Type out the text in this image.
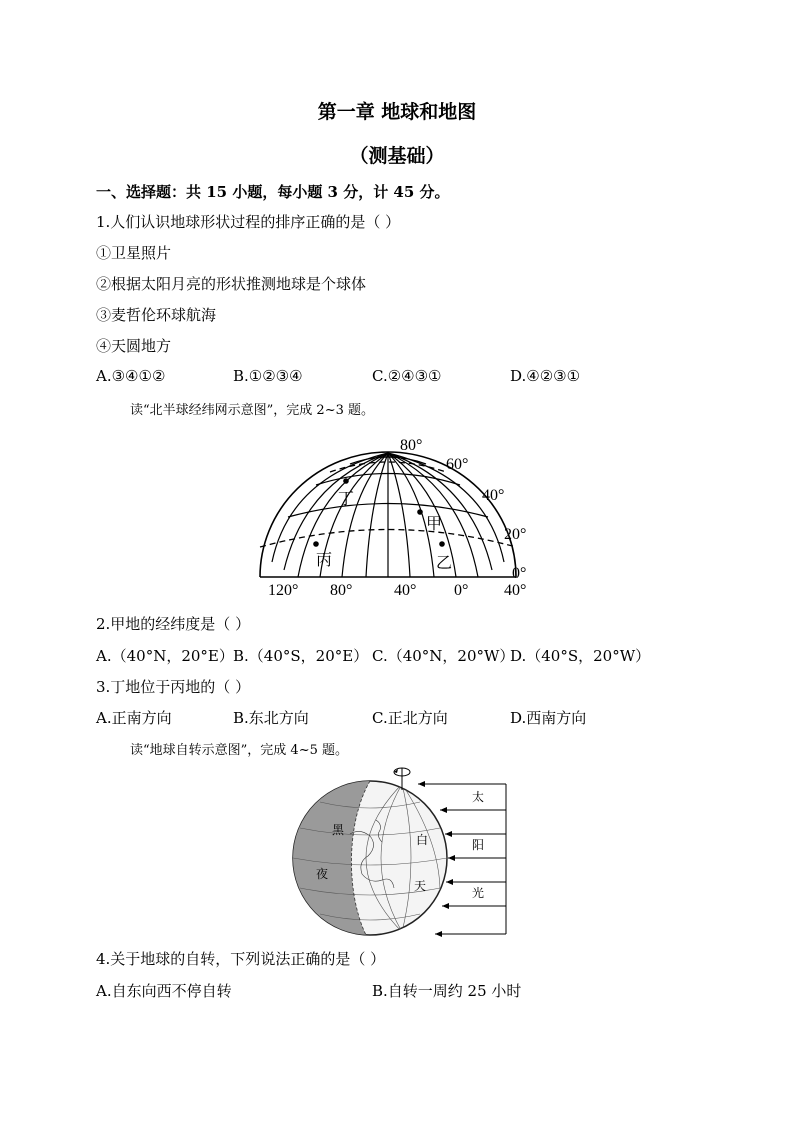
第一章 地球和地图
（测基础）
一、选择题：共 15 小题，每小题 3 分，计 45 分。
1.人们认识地球形状过程的排序正确的是（ ）
①卫星照片
②根据太阳月亮的形状推测地球是个球体
③麦哲伦环球航海
④天圆地方
A.③④①②	B.①②③④	C.②④③①	D.④②③①
读“北半球经纬网示意图”，完成 2~3 题。
80°
60°
40°
20°
0°
120° 80°	40° 0° 40°
丁
甲
丙	乙
2.甲地的经纬度是（ ）
A.（40°N，20°E） B.（40°S，20°E） C.（40°N，20°W）
D.（40°S，20°W）
3.丁地位于丙地的（ ）
A.正南方向	B.东北方向	C.正北方向	D.西南方向
读“地球自转示意图”，完成 4~5 题。
太
阳
光
黑
夜
白
天
4.关于地球的自转，下列说法正确的是（ ）
A.自东向西不停自转	B.自转一周约 25 小时
